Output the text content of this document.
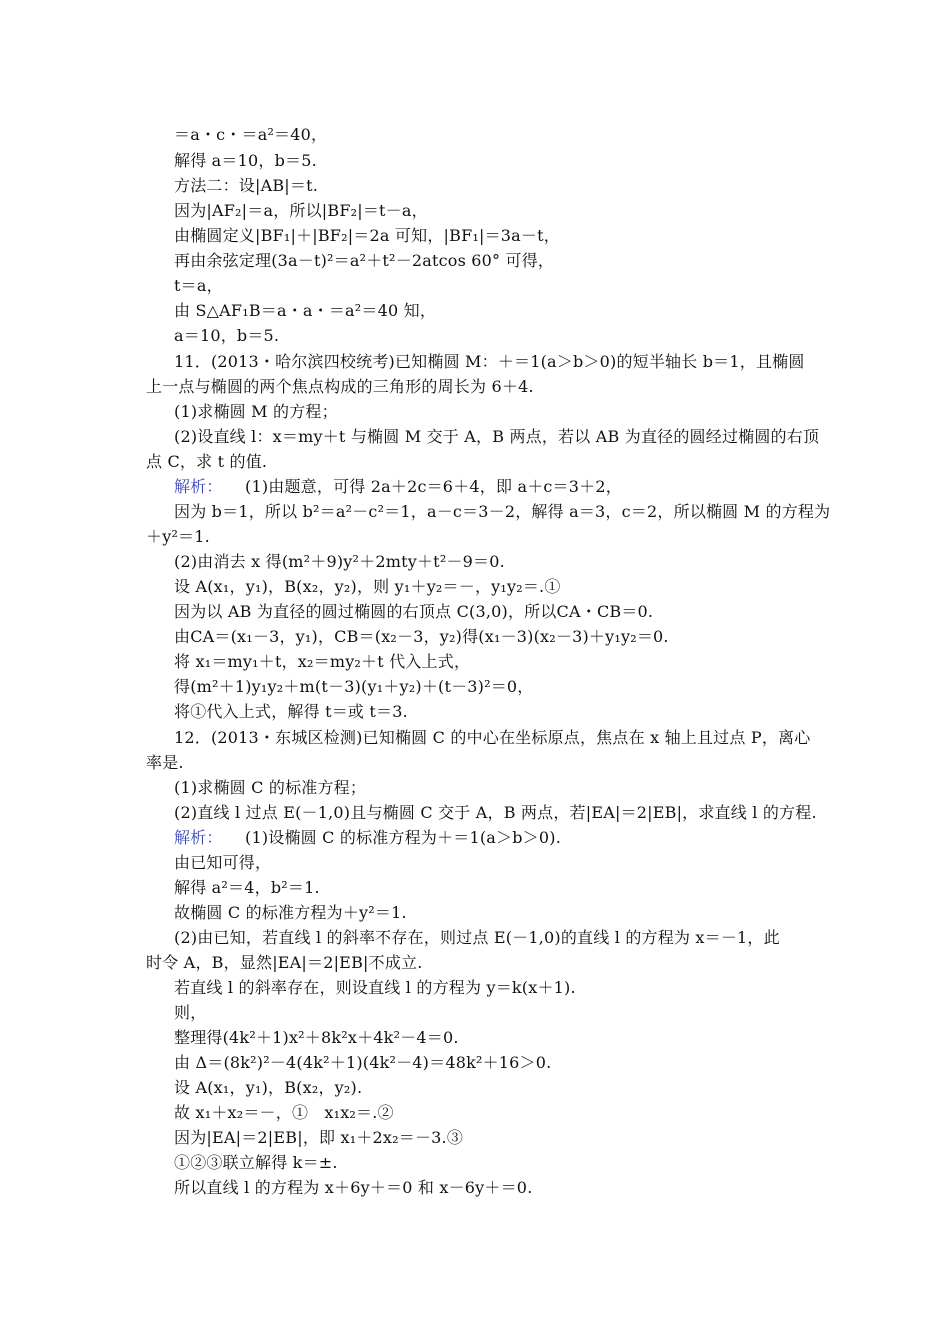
＝a・c・＝a²＝40，
解得 a＝10，b＝5.
方法二：设|AB|＝t.
因为|AF₂|＝a，所以|BF₂|＝t－a，
由椭圆定义|BF₁|＋|BF₂|＝2a 可知，|BF₁|＝3a－t，
再由余弦定理(3a－t)²＝a²＋t²－2atcos 60° 可得，
t＝a，
由 S△AF₁B＝a・a・＝a²＝40 知，
a＝10，b＝5.
11．(2013・哈尔滨四校统考)已知椭圆 M：＋＝1(a＞b＞0)的短半轴长 b＝1，且椭圆
上一点与椭圆的两个焦点构成的三角形的周长为 6＋4.
(1)求椭圆 M 的方程；
(2)设直线 l：x＝my＋t 与椭圆 M 交于 A，B 两点，若以 AB 为直径的圆经过椭圆的右顶
点 C，求 t 的值.
解析： (1)由题意，可得 2a＋2c＝6＋4，即 a＋c＝3＋2，
因为 b＝1，所以 b²＝a²－c²＝1，a－c＝3－2，解得 a＝3，c＝2，所以椭圆 M 的方程为
＋y²＝1.
(2)由消去 x 得(m²＋9)y²＋2mty＋t²－9＝0.
设 A(x₁，y₁)，B(x₂，y₂)，则 y₁＋y₂＝－，y₁y₂＝.①
因为以 AB 为直径的圆过椭圆的右顶点 C(3,0)，所以CA・CB＝0.
由CA＝(x₁－3，y₁)，CB＝(x₂－3，y₂)得(x₁－3)(x₂－3)＋y₁y₂＝0.
将 x₁＝my₁＋t，x₂＝my₂＋t 代入上式，
得(m²＋1)y₁y₂＋m(t－3)(y₁＋y₂)＋(t－3)²＝0，
将①代入上式，解得 t＝或 t＝3.
12．(2013・东城区检测)已知椭圆 C 的中心在坐标原点，焦点在 x 轴上且过点 P，离心
率是.
(1)求椭圆 C 的标准方程；
(2)直线 l 过点 E(－1,0)且与椭圆 C 交于 A，B 两点，若|EA|＝2|EB|，求直线 l 的方程.
解析： (1)设椭圆 C 的标准方程为＋＝1(a＞b＞0).
由已知可得，
解得 a²＝4，b²＝1.
故椭圆 C 的标准方程为＋y²＝1.
(2)由已知，若直线 l 的斜率不存在，则过点 E(－1,0)的直线 l 的方程为 x＝－1，此
时令 A，B，显然|EA|＝2|EB|不成立.
若直线 l 的斜率存在，则设直线 l 的方程为 y＝k(x＋1).
则，
整理得(4k²＋1)x²＋8k²x＋4k²－4＝0.
由 Δ＝(8k²)²－4(4k²＋1)(4k²－4)＝48k²＋16＞0.
设 A(x₁，y₁)，B(x₂，y₂).
故 x₁＋x₂＝－，①　x₁x₂＝.②
因为|EA|＝2|EB|，即 x₁＋2x₂＝－3.③
①②③联立解得 k＝±.
所以直线 l 的方程为 x＋6y＋＝0 和 x－6y＋＝0.
